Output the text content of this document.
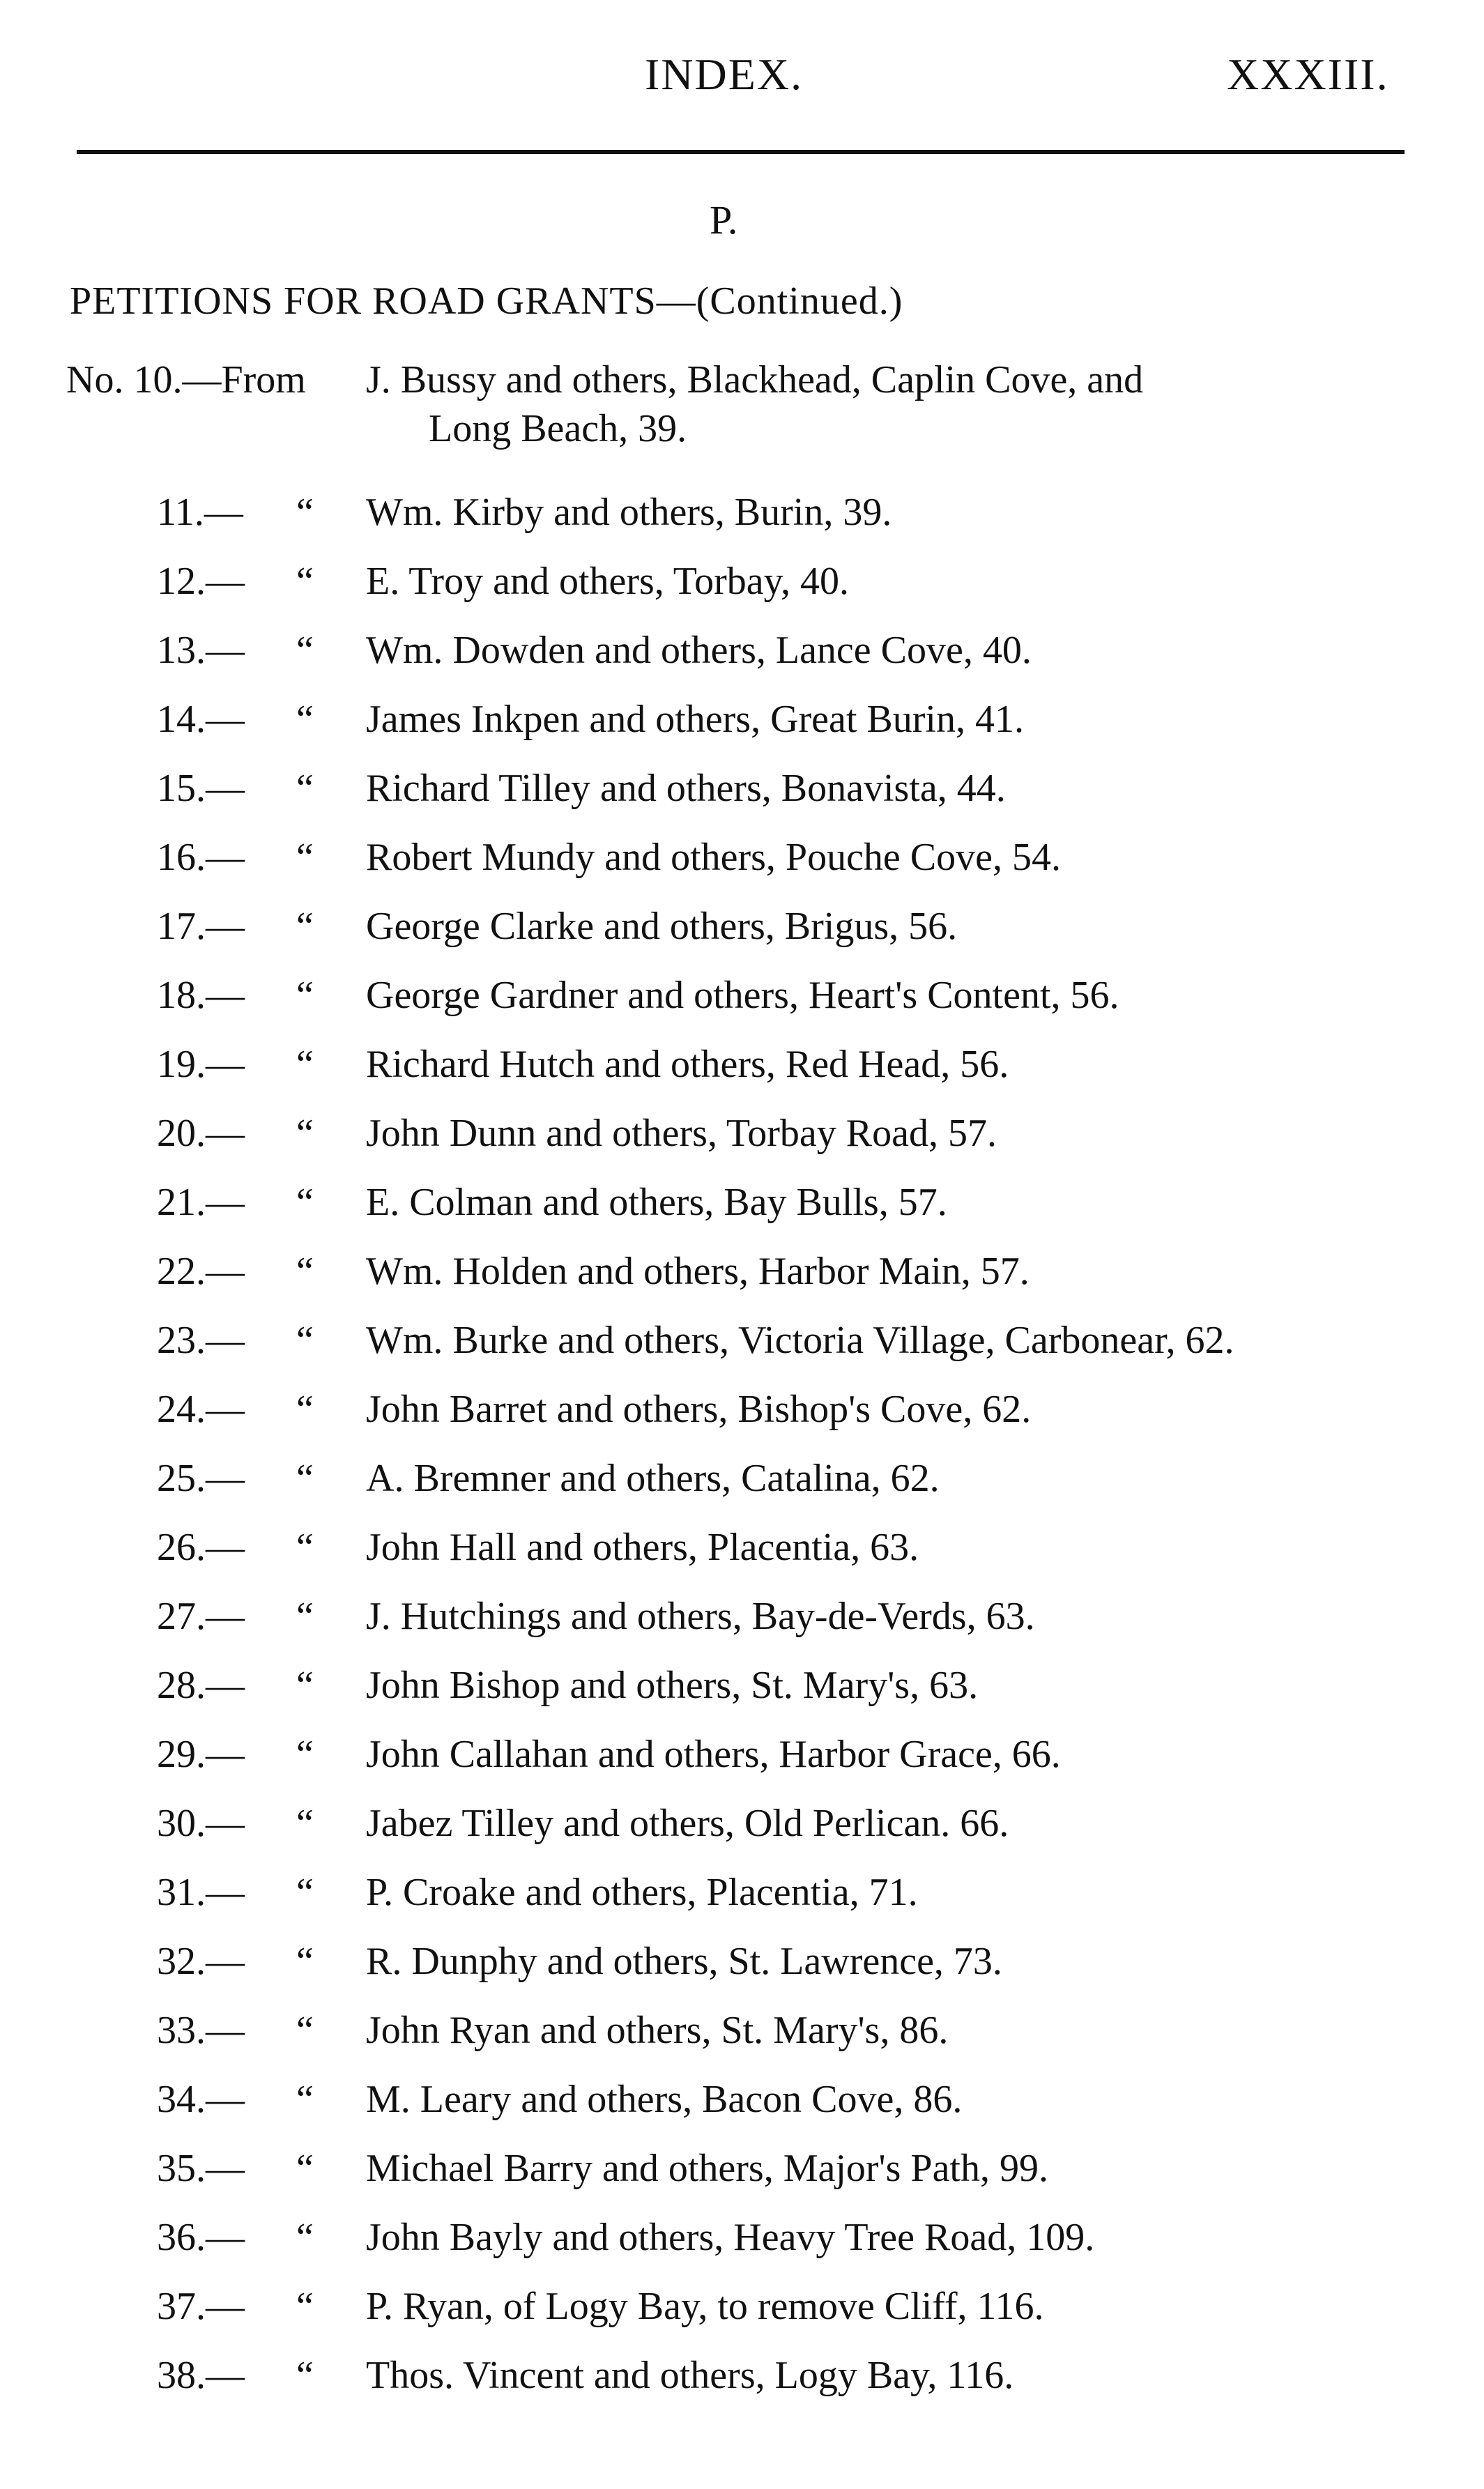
INDEX.	XXXIII.
P.
PETITIONS FOR ROAD GRANTS—(Continued.)
No. 10.—From	J. Bussy and others, Blackhead, Caplin Cove, and
Long Beach, 39.
11.—	“	Wm. Kirby and others, Burin, 39.
12.—	“	E. Troy and others, Torbay, 40.
13.—	“	Wm. Dowden and others, Lance Cove, 40.
14.—	“	James Inkpen and others, Great Burin, 41.
15.—	“	Richard Tilley and others, Bonavista, 44.
16.—	“	Robert Mundy and others, Pouche Cove, 54.
17.—	“	George Clarke and others, Brigus, 56.
18.—	“	George Gardner and others, Heart's Content, 56.
19.—	“	Richard Hutch and others, Red Head, 56.
20.—	“	John Dunn and others, Torbay Road, 57.
21.—	“	E. Colman and others, Bay Bulls, 57.
22.—	“	Wm. Holden and others, Harbor Main, 57.
23.—	“	Wm. Burke and others, Victoria Village, Carbonear, 62.
24.—	“	John Barret and others, Bishop's Cove, 62.
25.—	“	A. Bremner and others, Catalina, 62.
26.—	“	John Hall and others, Placentia, 63.
27.—	“	J. Hutchings and others, Bay-de-Verds, 63.
28.—	“	John Bishop and others, St. Mary's, 63.
29.—	“	John Callahan and others, Harbor Grace, 66.
30.—	“	Jabez Tilley and others, Old Perlican. 66.
31.—	“	P. Croake and others, Placentia, 71.
32.—	“	R. Dunphy and others, St. Lawrence, 73.
33.—	“	John Ryan and others, St. Mary's, 86.
34.—	“	M. Leary and others, Bacon Cove, 86.
35.—	“	Michael Barry and others, Major's Path, 99.
36.—	“	John Bayly and others, Heavy Tree Road, 109.
37.—	“	P. Ryan, of Logy Bay, to remove Cliff, 116.
38.—	“	Thos. Vincent and others, Logy Bay, 116.
